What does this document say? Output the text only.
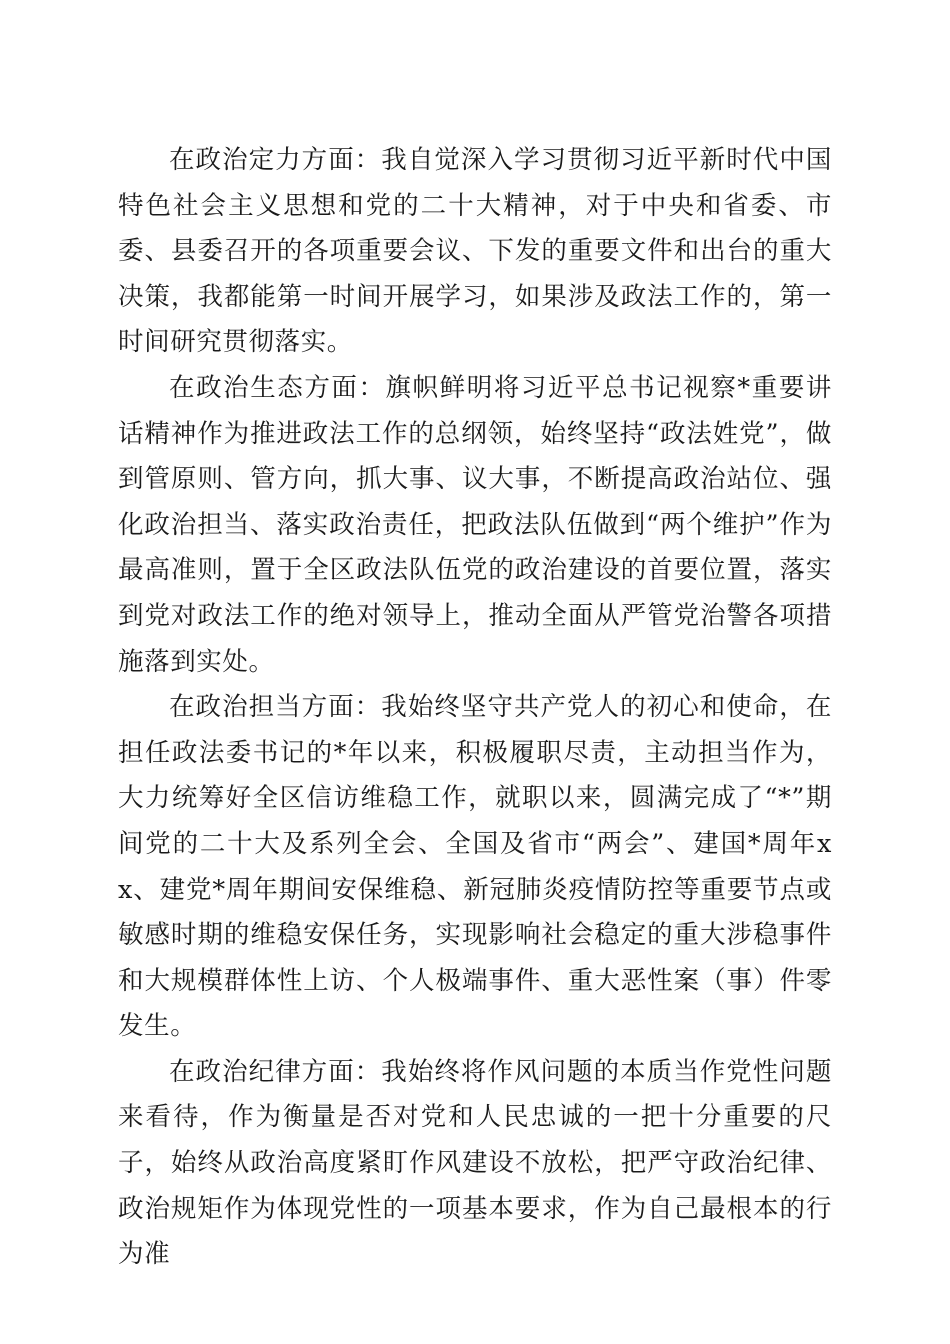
在政治定力方面：我自觉深入学习贯彻习近平新时代中国特色社会主义思想和党的二十大精神，对于中央和省委、市委、县委召开的各项重要会议、下发的重要文件和出台的重大决策，我都能第一时间开展学习，如果涉及政法工作的，第一时间研究贯彻落实。

在政治生态方面：旗帜鲜明将习近平总书记视察*重要讲话精神作为推进政法工作的总纲领，始终坚持“政法姓党”，做到管原则、管方向，抓大事、议大事，不断提高政治站位、强化政治担当、落实政治责任，把政法队伍做到“两个维护”作为最高准则，置于全区政法队伍党的政治建设的首要位置，落实到党对政法工作的绝对领导上，推动全面从严管党治警各项措施落到实处。

在政治担当方面：我始终坚守共产党人的初心和使命，在担任政法委书记的*年以来，积极履职尽责，主动担当作为，大力统筹好全区信访维稳工作，就职以来，圆满完成了“*”期间党的二十大及系列全会、全国及省市“两会”、建国*周年xx、建党*周年期间安保维稳、新冠肺炎疫情防控等重要节点或敏感时期的维稳安保任务，实现影响社会稳定的重大涉稳事件和大规模群体性上访、个人极端事件、重大恶性案（事）件零发生。

在政治纪律方面：我始终将作风问题的本质当作党性问题来看待，作为衡量是否对党和人民忠诚的一把十分重要的尺子，始终从政治高度紧盯作风建设不放松，把严守政治纪律、政治规矩作为体现党性的一项基本要求，作为自己最根本的行为准
